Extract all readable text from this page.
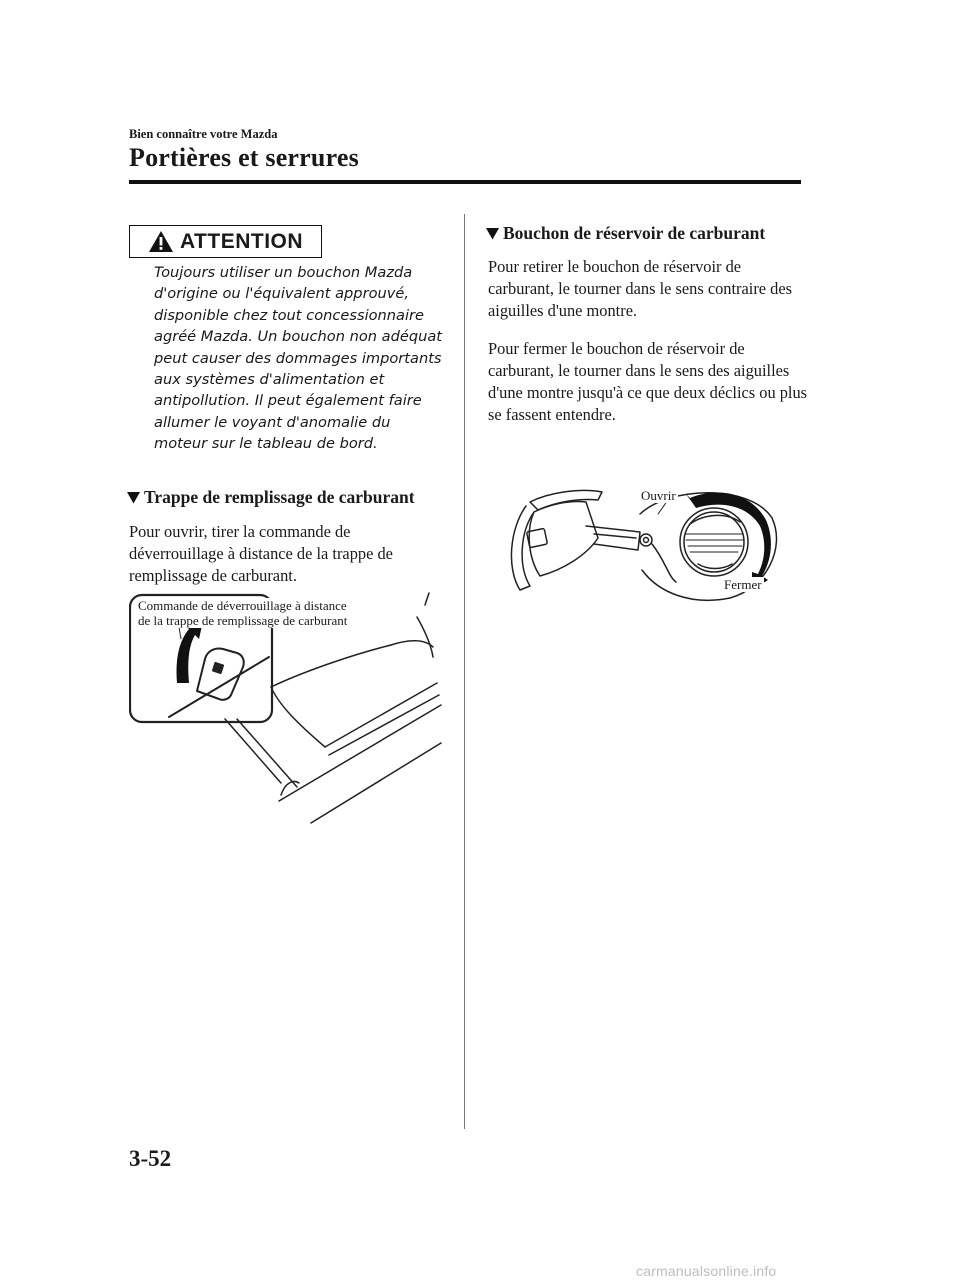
Bien connaître votre Mazda
Portières et serrures
ATTENTION
Toujours utiliser un bouchon Mazda d'origine ou l'équivalent approuvé, disponible chez tout concessionnaire agréé Mazda. Un bouchon non adéquat peut causer des dommages importants aux systèmes d'alimentation et antipollution. Il peut également faire allumer le voyant d'anomalie du moteur sur le tableau de bord.
Trappe de remplissage de carburant
Pour ouvrir, tirer la commande de déverrouillage à distance de la trappe de remplissage de carburant.
Commande de déverrouillage à distance
de la trappe de remplissage de carburant
Bouchon de réservoir de carburant
Pour retirer le bouchon de réservoir de carburant, le tourner dans le sens contraire des aiguilles d'une montre.
Pour fermer le bouchon de réservoir de carburant, le tourner dans le sens des aiguilles d'une montre jusqu'à ce que deux déclics ou plus se fassent entendre.
Ouvrir
Fermer
3-52
carmanualsonline.info
